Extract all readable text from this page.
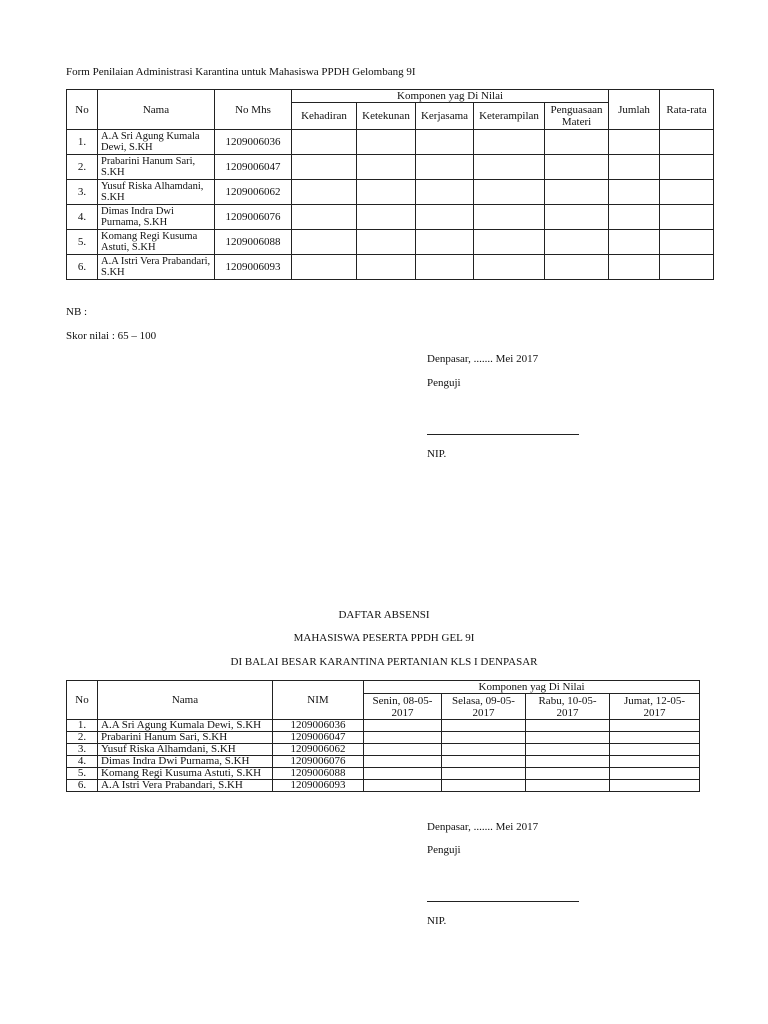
Form Penilaian Administrasi Karantina untuk Mahasiswa PPDH Gelombang 9I
No	Nama	No Mhs	Komponen yag Di Nilai					Jumlah	Rata-rata
			Kehadiran	Ketekunan	Kerjasama	Keterampilan	Penguasaan Materi		
1.	A.A Sri Agung Kumala Dewi, S.KH	1209006036							
2.	Prabarini Hanum Sari, S.KH	1209006047							
3.	Yusuf Riska Alhamdani, S.KH	1209006062							
4.	Dimas Indra Dwi Purnama, S.KH	1209006076							
5.	Komang Regi Kusuma Astuti, S.KH	1209006088							
6.	A.A Istri Vera Prabandari, S.KH	1209006093							
NB :
Skor nilai : 65 – 100
Denpasar, ....... Mei 2017
Penguji
NIP.
DAFTAR ABSENSI
MAHASISWA PESERTA PPDH GEL 9I
DI BALAI BESAR KARANTINA PERTANIAN KLS I DENPASAR
No	Nama	NIM	Komponen yag Di Nilai			
			Senin, 08-05-2017	Selasa, 09-05-2017	Rabu, 10-05-2017	Jumat, 12-05-2017
1.	A.A Sri Agung Kumala Dewi, S.KH	1209006036				
2.	Prabarini Hanum Sari, S.KH	1209006047				
3.	Yusuf Riska Alhamdani, S.KH	1209006062				
4.	Dimas Indra Dwi Purnama, S.KH	1209006076				
5.	Komang Regi Kusuma Astuti, S.KH	1209006088				
6.	A.A Istri Vera Prabandari, S.KH	1209006093				
Denpasar, ....... Mei 2017
Penguji
NIP.
